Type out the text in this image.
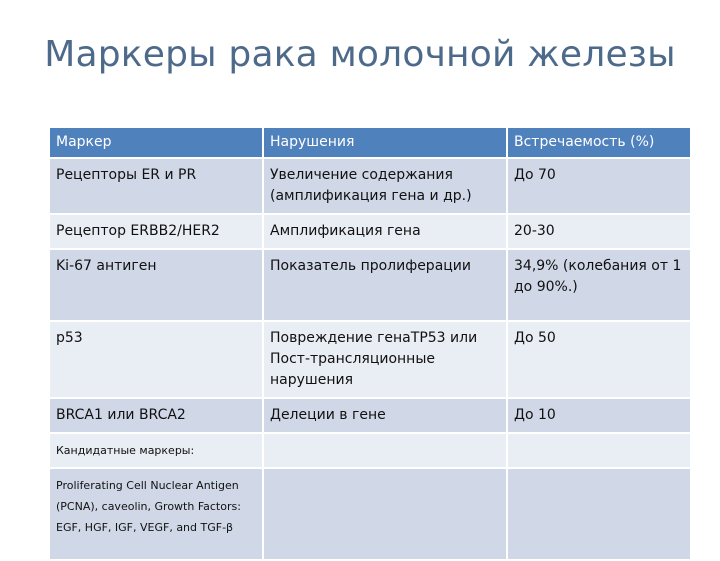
Маркеры рака молочной железы
Маркер	Нарушения	Встречаемость (%)
Рецепторы ER и PR	Увеличение содержания (амплификация гена и др.)	До 70
Рецептор ERBB2/HER2	Амплификация гена	20-30
Ki-67 антиген	Показатель пролиферации	34,9% (колебания от 1 до 90%.)
p53	Повреждение генаTP53 или Пост-трансляционные нарушения	До 50
BRCA1 или BRCA2	Делеции в гене	До 10
Кандидатные маркеры:		
Proliferating Cell Nuclear Antigen (PCNA), caveolin, Growth Factors: EGF, HGF, IGF, VEGF, and TGF-β		
